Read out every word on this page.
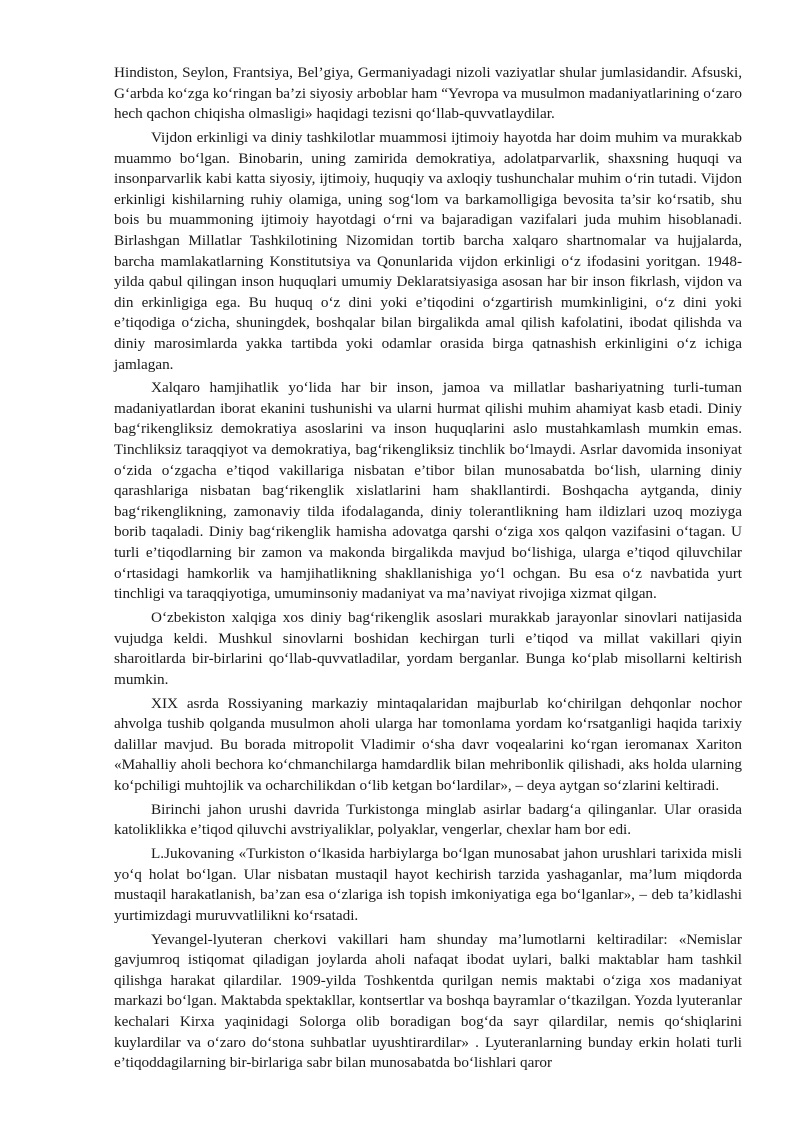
Hindiston, Seylon, Frantsiya, Bel’giya, Germaniyadagi nizoli vaziyatlar shular jumlasidandir. Afsuski, G‘arbda ko‘zga ko‘ringan ba’zi siyosiy arboblar ham “Yevropa va musulmon madaniyatlarining o‘zaro hech qachon chiqisha olmasligi» haqidagi tezisni qo‘llab-quvvatlaydilar.

Vijdon erkinligi va diniy tashkilotlar muammosi ijtimoiy hayotda har doim muhim va murakkab muammo bo‘lgan. Binobarin, uning zamirida demokratiya, adolatparvarlik, shaxsning huquqi va insonparvarlik kabi katta siyosiy, ijtimoiy, huquqiy va axloqiy tushunchalar muhim o‘rin tutadi. Vijdon erkinligi kishilarning ruhiy olamiga, uning sog‘lom va barkamolligiga bevosita ta’sir ko‘rsatib, shu bois bu muammoning ijtimoiy hayotdagi o‘rni va bajaradigan vazifalari juda muhim hisoblanadi. Birlashgan Millatlar Tashkilotining Nizomidan tortib barcha xalqaro shartnomalar va hujjalarda, barcha mamlakatlarning Konstitutsiya va Qonunlarida vijdon erkinligi o‘z ifodasini yoritgan. 1948-yilda qabul qilingan inson huquqlari umumiy Deklaratsiyasiga asosan har bir inson fikrlash, vijdon va din erkinligiga ega. Bu huquq o‘z dini yoki e’tiqodini o‘zgartirish mumkinligini, o‘z dini yoki e’tiqodiga o‘zicha, shuningdek, boshqalar bilan birgalikda amal qilish kafolatini, ibodat qilishda va diniy marosimlarda yakka tartibda yoki odamlar orasida birga qatnashish erkinligini o‘z ichiga jamlagan.

Xalqaro hamjihatlik yo‘lida har bir inson, jamoa va millatlar bashariyatning turli-tuman madaniyatlardan iborat ekanini tushunishi va ularni hurmat qilishi muhim ahamiyat kasb etadi. Diniy bag‘rikengliksiz demokratiya asoslarini va inson huquqlarini aslo mustahkamlash mumkin emas. Tinchliksiz taraqqiyot va demokratiya, bag‘rikengliksiz tinchlik bo‘lmaydi. Asrlar davomida insoniyat o‘zida o‘zgacha e’tiqod vakillariga nisbatan e’tibor bilan munosabatda bo‘lish, ularning diniy qarashlariga nisbatan bag‘rikenglik xislatlarini ham shakllantirdi. Boshqacha aytganda, diniy bag‘rikenglikning, zamonaviy tilda ifodalaganda, diniy tolerantlikning ham ildizlari uzoq moziyga borib taqaladi. Diniy bag‘rikenglik hamisha adovatga qarshi o‘ziga xos qalqon vazifasini o‘tagan. U turli e’tiqodlarning bir zamon va makonda birgalikda mavjud bo‘lishiga, ularga e’tiqod qiluvchilar o‘rtasidagi hamkorlik va hamjihatlikning shakllanishiga yo‘l ochgan. Bu esa o‘z navbatida yurt tinchligi va taraqqiyotiga, umuminsoniy madaniyat va ma’naviyat rivojiga xizmat qilgan.

O‘zbekiston xalqiga xos diniy bag‘rikenglik asoslari murakkab jarayonlar sinovlari natijasida vujudga keldi. Mushkul sinovlarni boshidan kechirgan turli e’tiqod va millat vakillari qiyin sharoitlarda bir-birlarini qo‘llab-quvvatladilar, yordam berganlar. Bunga ko‘plab misollarni keltirish mumkin.

XIX asrda Rossiyaning markaziy mintaqalaridan majburlab ko‘chirilgan dehqonlar nochor ahvolga tushib qolganda musulmon aholi ularga har tomonlama yordam ko‘rsatganligi haqida tarixiy dalillar mavjud. Bu borada mitropolit Vladimir o‘sha davr voqealarini ko‘rgan ieromanax Xariton «Mahalliy aholi bechora ko‘chmanchilarga hamdardlik bilan mehribonlik qilishadi, aks holda ularning ko‘pchiligi muhtojlik va ocharchilikdan o‘lib ketgan bo‘lardilar», – deya aytgan so‘zlarini keltiradi.

Birinchi jahon urushi davrida Turkistonga minglab asirlar badarg‘a qilinganlar. Ular orasida katoliklikka e’tiqod qiluvchi avstriyaliklar, polyaklar, vengerlar, chexlar ham bor edi.

L.Jukovaning «Turkiston o‘lkasida harbiylarga bo‘lgan munosabat jahon urushlari tarixida misli yo‘q holat bo‘lgan. Ular nisbatan mustaqil hayot kechirish tarzida yashaganlar, ma’lum miqdorda mustaqil harakatlanish, ba’zan esa o‘zlariga ish topish imkoniyatiga ega bo‘lganlar», – deb ta’kidlashi yurtimizdagi muruvvatlilikni ko‘rsatadi.

Yevangel-lyuteran cherkovi vakillari ham shunday ma’lumotlarni keltiradilar: «Nemislar gavjumroq istiqomat qiladigan joylarda aholi nafaqat ibodat uylari, balki maktablar ham tashkil qilishga harakat qilardilar. 1909-yilda Toshkentda qurilgan nemis maktabi o‘ziga xos madaniyat markazi bo‘lgan. Maktabda spektakllar, kontsertlar va boshqa bayramlar o‘tkazilgan. Yozda lyuteranlar kechalari Kirxa yaqinidagi Solorga olib boradigan bog‘da sayr qilardilar, nemis qo‘shiqlarini kuylardilar va o‘zaro do‘stona suhbatlar uyushtirardilar» . Lyuteranlarning bunday erkin holati turli e’tiqoddagilarning bir-birlariga sabr bilan munosabatda bo‘lishlari qaror
